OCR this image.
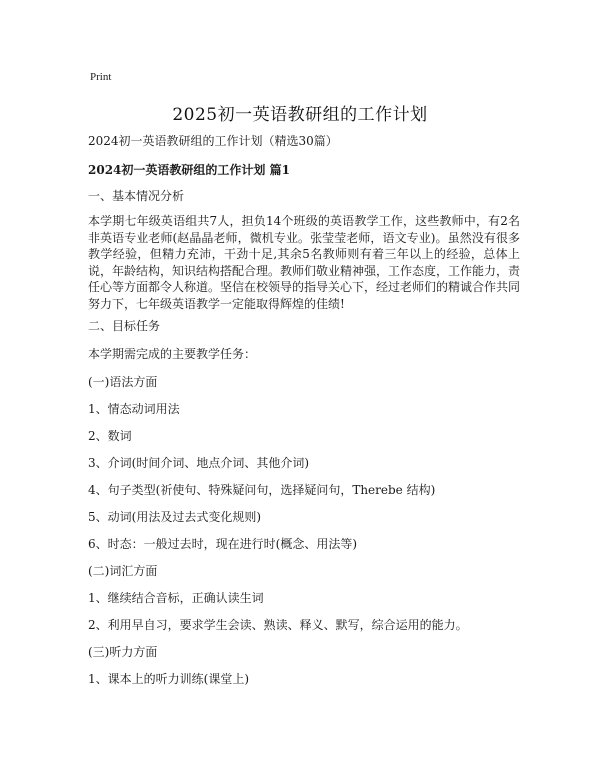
Print
2025初一英语教研组的工作计划
2024初一英语教研组的工作计划（精选30篇）
2024初一英语教研组的工作计划 篇1
一、基本情况分析
本学期七年级英语组共7人，担负14个班级的英语教学工作，这些教师中，有2名非英语专业老师(赵晶晶老师，微机专业。张莹莹老师，语文专业)。虽然没有很多教学经验，但精力充沛，干劲十足,其余5名教师则有着三年以上的经验，总体上说，年龄结构，知识结构搭配合理。教师们敬业精神强，工作态度，工作能力，责任心等方面都令人称道。坚信在校领导的指导关心下，经过老师们的精诚合作共同努力下，七年级英语教学一定能取得辉煌的佳绩!
二、目标任务
本学期需完成的主要教学任务：
(一)语法方面
1、情态动词用法
2、数词
3、介词(时间介词、地点介词、其他介词)
4、句子类型(祈使句、特殊疑问句，选择疑问句，Therebe 结构)
5、动词(用法及过去式变化规则)
6、时态：一般过去时，现在进行时(概念、用法等)
(二)词汇方面
1、继续结合音标，正确认读生词
2、利用早自习，要求学生会读、熟读、释义、默写，综合运用的能力。
(三)听力方面
1、课本上的听力训练(课堂上)
